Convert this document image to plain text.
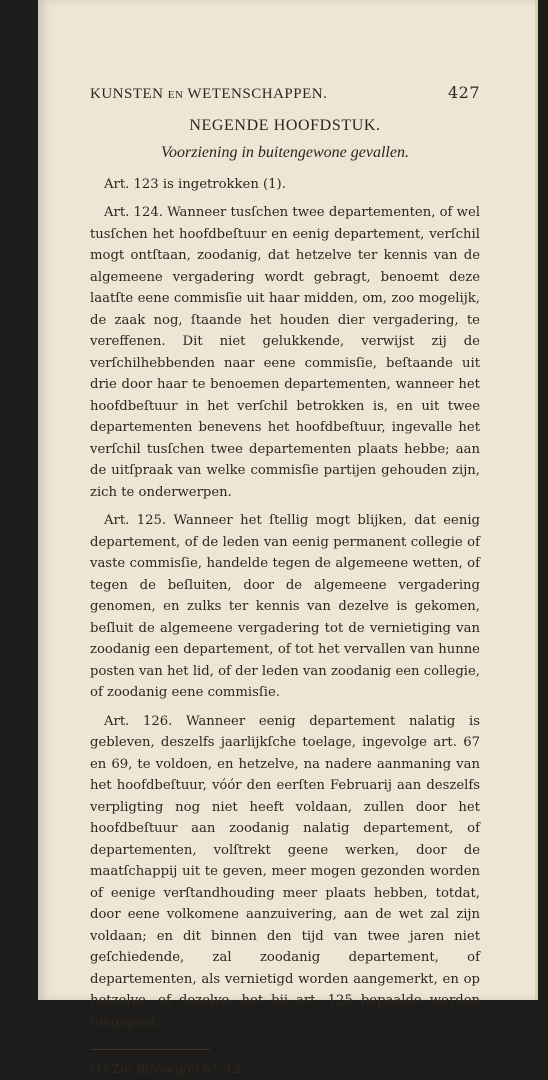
KUNSTEN EN WETENSCHAPPEN.	427
NEGENDE HOOFDSTUK.
Voorziening in buitengewone gevallen.

Art. 123 is ingetrokken (1).

Art. 124. Wanneer tusſchen twee departementen, of wel tusſchen het hoofdbeſtuur en eenig departement, verſchil mogt ontſtaan, zoodanig, dat hetzelve ter kennis van de algemeene vergadering wordt gebragt, benoemt deze laatſte eene commisſie uit haar midden, om, zoo mogelijk, de zaak nog, ſtaande het houden dier vergadering, te vereffenen. Dit niet gelukkende, verwijst zij de verſchilhebbenden naar eene commisſie, beſtaande uit drie door haar te benoemen departementen, wanneer het hoofdbeſtuur in het verſchil betrokken is, en uit twee departementen benevens het hoofdbeſtuur, ingevalle het verſchil tusſchen twee departementen plaats hebbe; aan de uitſpraak van welke commisſie partijen gehouden zijn, zich te onderwerpen.

Art. 125. Wanneer het ſtellig mogt blijken, dat eenig departement, of de leden van eenig permanent collegie of vaste commisſie, handelde tegen de algemeene wetten, of tegen de beſluiten, door de algemeene vergadering genomen, en zulks ter kennis van dezelve is gekomen, beſluit de algemeene vergadering tot de vernietiging van zoodanig een departement, of tot het vervallen van hunne posten van het lid, of der leden van zoodanig een collegie, of zoodanig eene commisſie.

Art. 126. Wanneer eenig departement nalatig is gebleven, deszelfs jaarlijkſche toelage, ingevolge art. 67 en 69, te voldoen, en hetzelve, na nadere aanmaning van het hoofdbeſtuur, vóór den eerſten Februarij aan deszelfs verpligting nog niet heeft voldaan, zullen door het hoofdbeſtuur aan zoodanig nalatig departement, of departementen, volſtrekt geene werken, door de maatſchappij uit te geven, meer mogen gezonden worden of eenige verſtandhouding meer plaats hebben, totdat, door eene volkomene aanzuivering, aan de wet zal zijn voldaan; en dit binnen den tijd van twee jaren niet geſchiedende, zal zoodanig departement, of departementen, als vernietigd worden aangemerkt, en op hetzelve, of dezelve, het bij art. 125 bepaalde worden toegepast.

(1) Zie Bijvoegſel n°. 12.
